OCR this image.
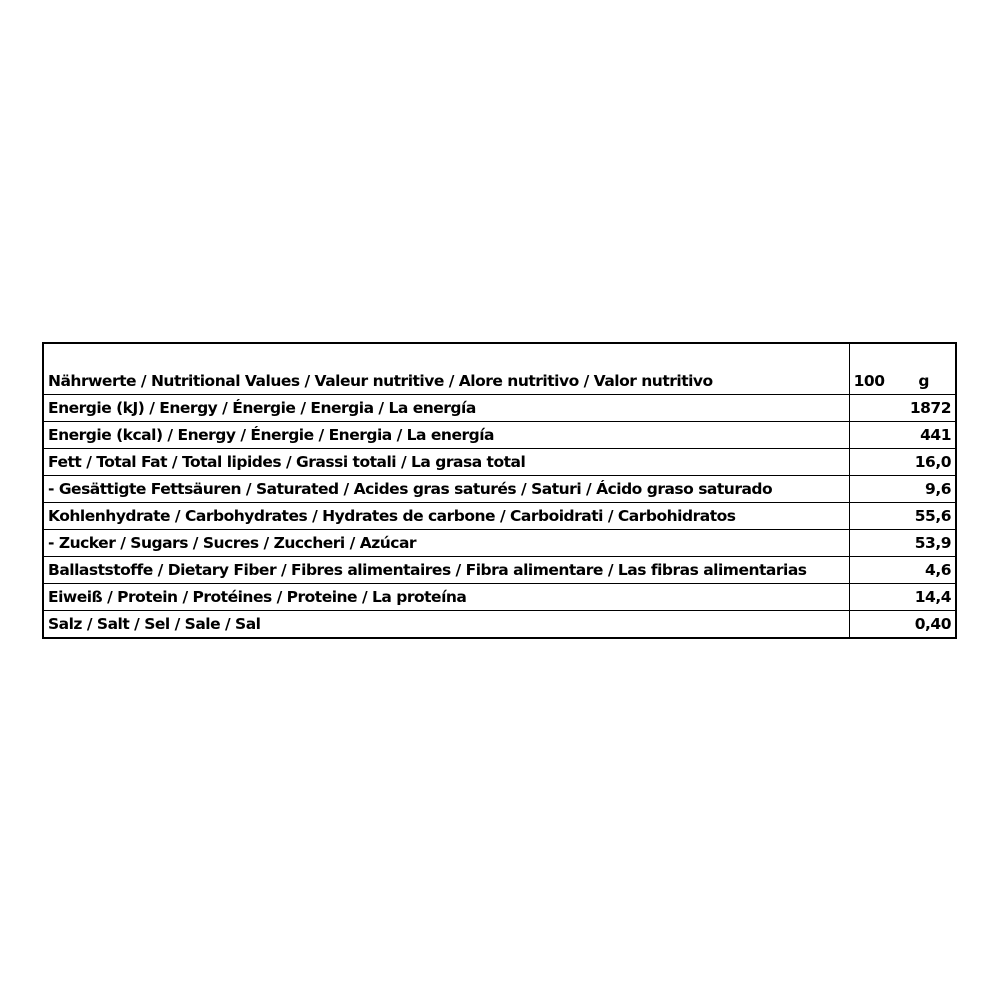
Nährwerte / Nutritional Values / Valeur nutritive / Alore nutritivo / Valor nutritivo	100 g

Energie (kJ) / Energy / Énergie / Energia / La energía	1872
Energie (kcal) / Energy / Énergie / Energia / La energía	441
Fett / Total Fat / Total lipides / Grassi totali / La grasa total	16,0
- Gesättigte Fettsäuren / Saturated / Acides gras saturés / Saturi / Ácido graso saturado	9,6
Kohlenhydrate / Carbohydrates / Hydrates de carbone / Carboidrati / Carbohidratos	55,6
- Zucker / Sugars / Sucres / Zuccheri / Azúcar	53,9
Ballaststoffe / Dietary Fiber / Fibres alimentaires / Fibra alimentare / Las fibras alimentarias	4,6
Eiweiß / Protein / Protéines / Proteine / La proteína	14,4
Salz / Salt / Sel / Sale / Sal	0,40
